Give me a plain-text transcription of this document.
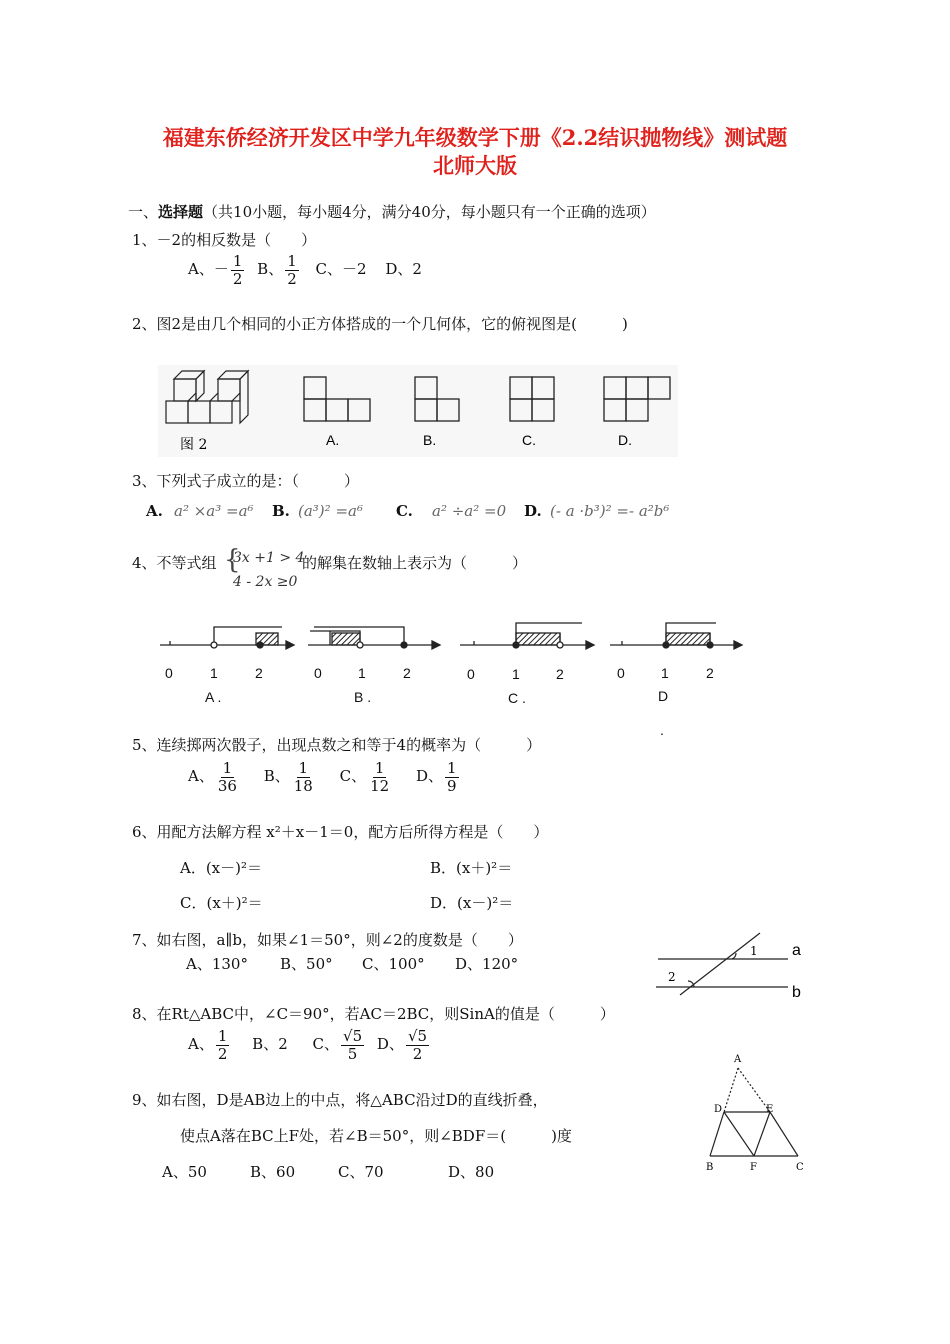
福建东侨经济开发区中学九年级数学下册《2.2结识抛物线》测试题
北师大版
一、选择题（共10小题，每小题4分，满分40分，每小题只有一个正确的选项）
1、－2的相反数是（　　）
A、－ $\frac{1}{2}$ B、 $\frac{1}{2}$ C、－2 D、2
2、图2是由几个相同的小正方体搭成的一个几何体，它的俯视图是(　　　)
图 2	A.	B.	C.	D.
3、下列式子成立的是：（　　　）
A. a² ×a³ =a⁶ B. (a³)² =a⁶ C. a² ÷a² =0 D. (- a ·b³)² =- a²b⁶
4、不等式组 {
3x +1 > 4
4 - 2x ≥0
的解集在数轴上表示为（　　　）
0	1	2
A .
0	1	2
B .
0	1	2
C .
0	1	2
D
.
5、连续掷两次骰子，出现点数之和等于4的概率为（　　　）
A、 $\frac{1}{36}$ B、 $\frac{1}{18}$ C、 $\frac{1}{12}$ D、 $\frac{1}{9}$
6、用配方法解方程 x²＋x－1＝0，配方后所得方程是（　　）
A．(x－)²＝	B．(x＋)²＝
C．(x＋)²＝	D．(x－)²＝
7、如右图，a∥b，如果∠1＝50°，则∠2的度数是（　　）
A、130° B、50° C、100° D、120°
1
2
a
b
8、在Rt△ABC中，∠C＝90°，若AC＝2BC，则SinA的值是（　　　）
A、 $\frac{1}{2}$ B、2 C、 $\frac{√5}{5}$ D、 $\frac{√5}{2}$
9、如右图，D是AB边上的中点，将△ABC沿过D的直线折叠，
使点A落在BC上F处，若∠B＝50°，则∠BDF＝(　　　)度
A、50	B、60	C、70	D、80
A
D	E
B	F	C
